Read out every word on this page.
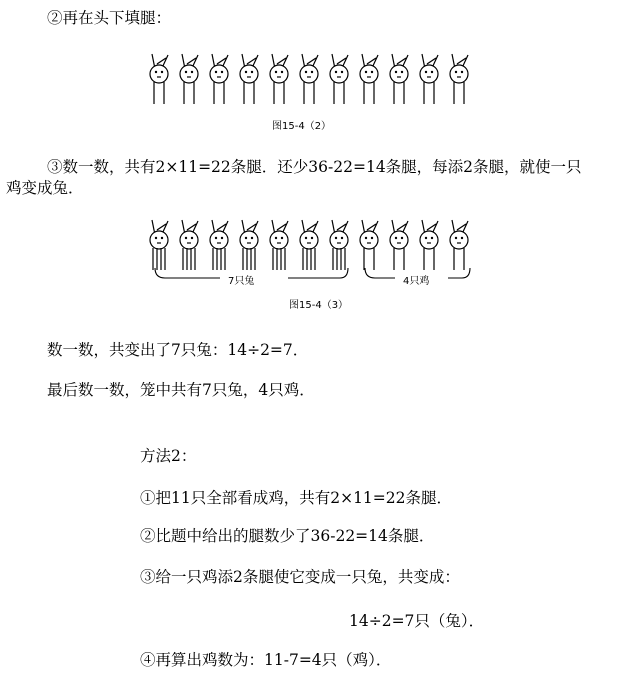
②再在头下填腿：
图15-4（2）
③数一数，共有2×11=22条腿．还少36-22=14条腿，每添2条腿，就使一只
鸡变成兔．
7只兔	4只鸡
图15-4（3）
数一数，共变出了7只兔：14÷2=7．
最后数一数，笼中共有7只兔，4只鸡．
方法2：
①把11只全部看成鸡，共有2×11=22条腿．
②比题中给出的腿数少了36-22=14条腿．
③给一只鸡添2条腿使它变成一只兔，共变成：
14÷2=7只（兔）．
④再算出鸡数为：11-7=4只（鸡）．
